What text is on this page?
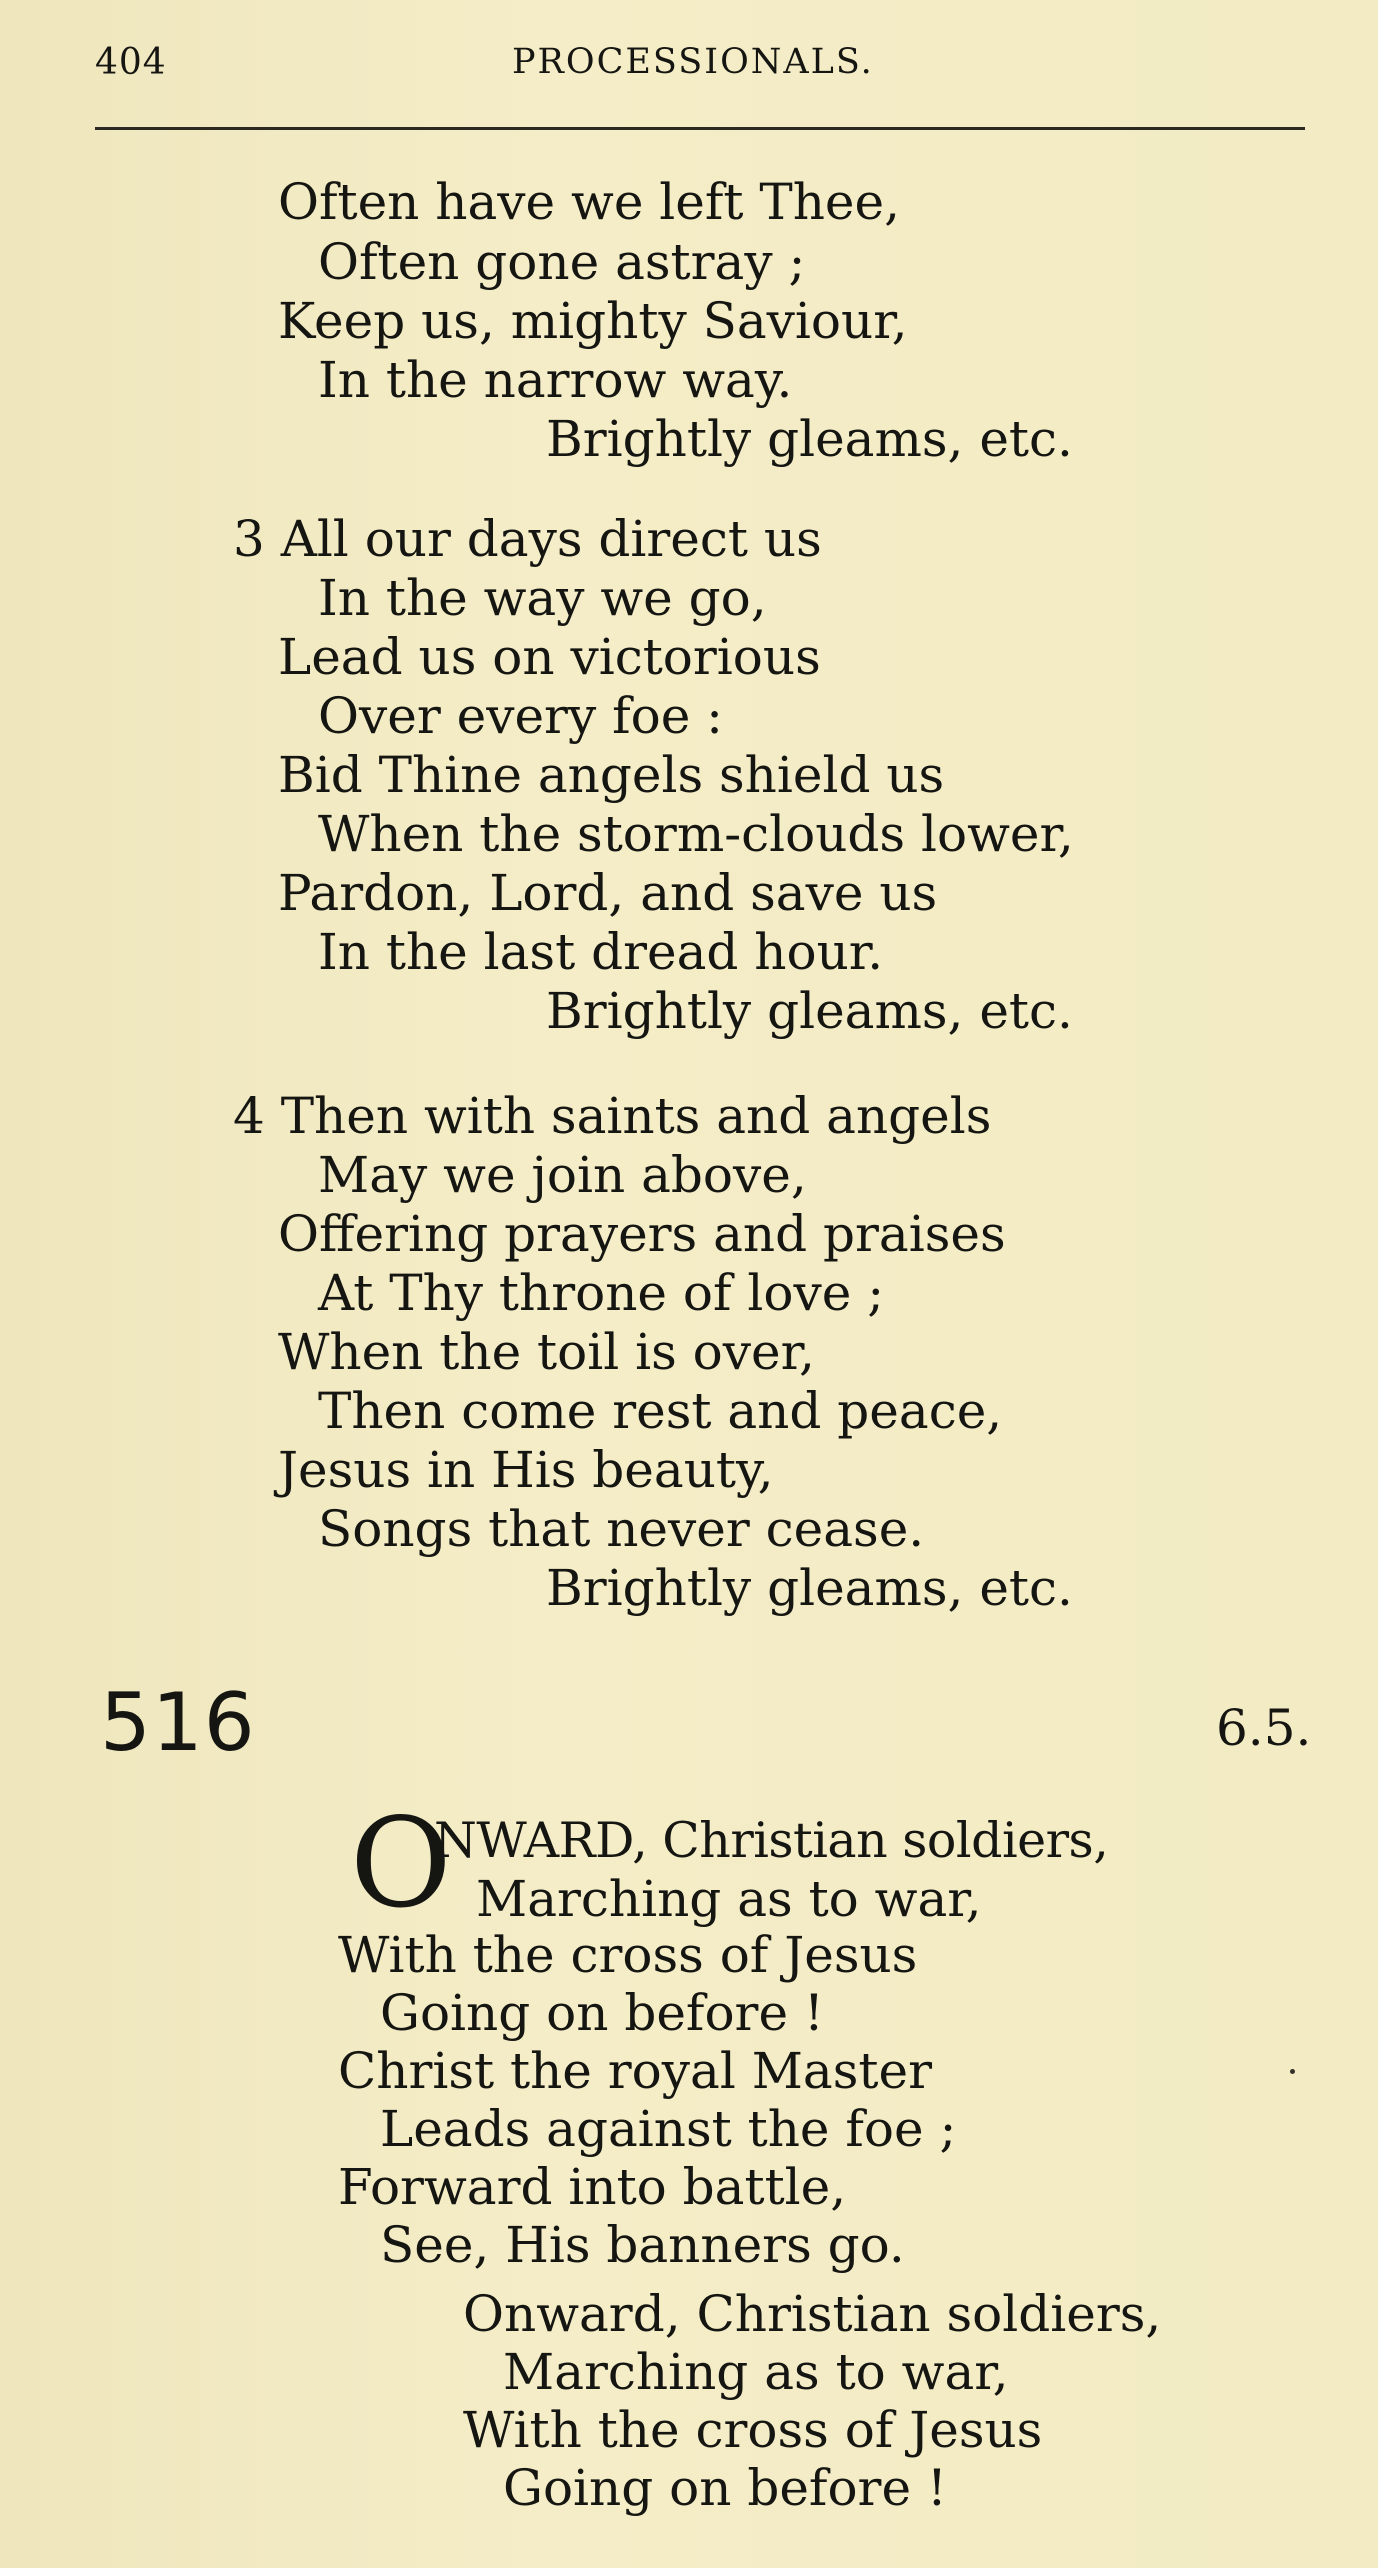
404	PROCESSIONALS.
Often have we left Thee,
Often gone astray ;
Keep us, mighty Saviour,
In the narrow way.
Brightly gleams, etc.
3 All our days direct us
In the way we go,
Lead us on victorious
Over every foe :
Bid Thine angels shield us
When the storm-clouds lower,
Pardon, Lord, and save us
In the last dread hour.
Brightly gleams, etc.
4 Then with saints and angels
May we join above,
Offering prayers and praises
At Thy throne of love ;
When the toil is over,
Then come rest and peace,
Jesus in His beauty,
Songs that never cease.
Brightly gleams, etc.
516	6.5.
O
NWARD, Christian soldiers,
Marching as to war,
With the cross of Jesus
Going on before !
Christ the royal Master
Leads against the foe ;
Forward into battle,
See, His banners go.
Onward, Christian soldiers,
Marching as to war,
With the cross of Jesus
Going on before !
